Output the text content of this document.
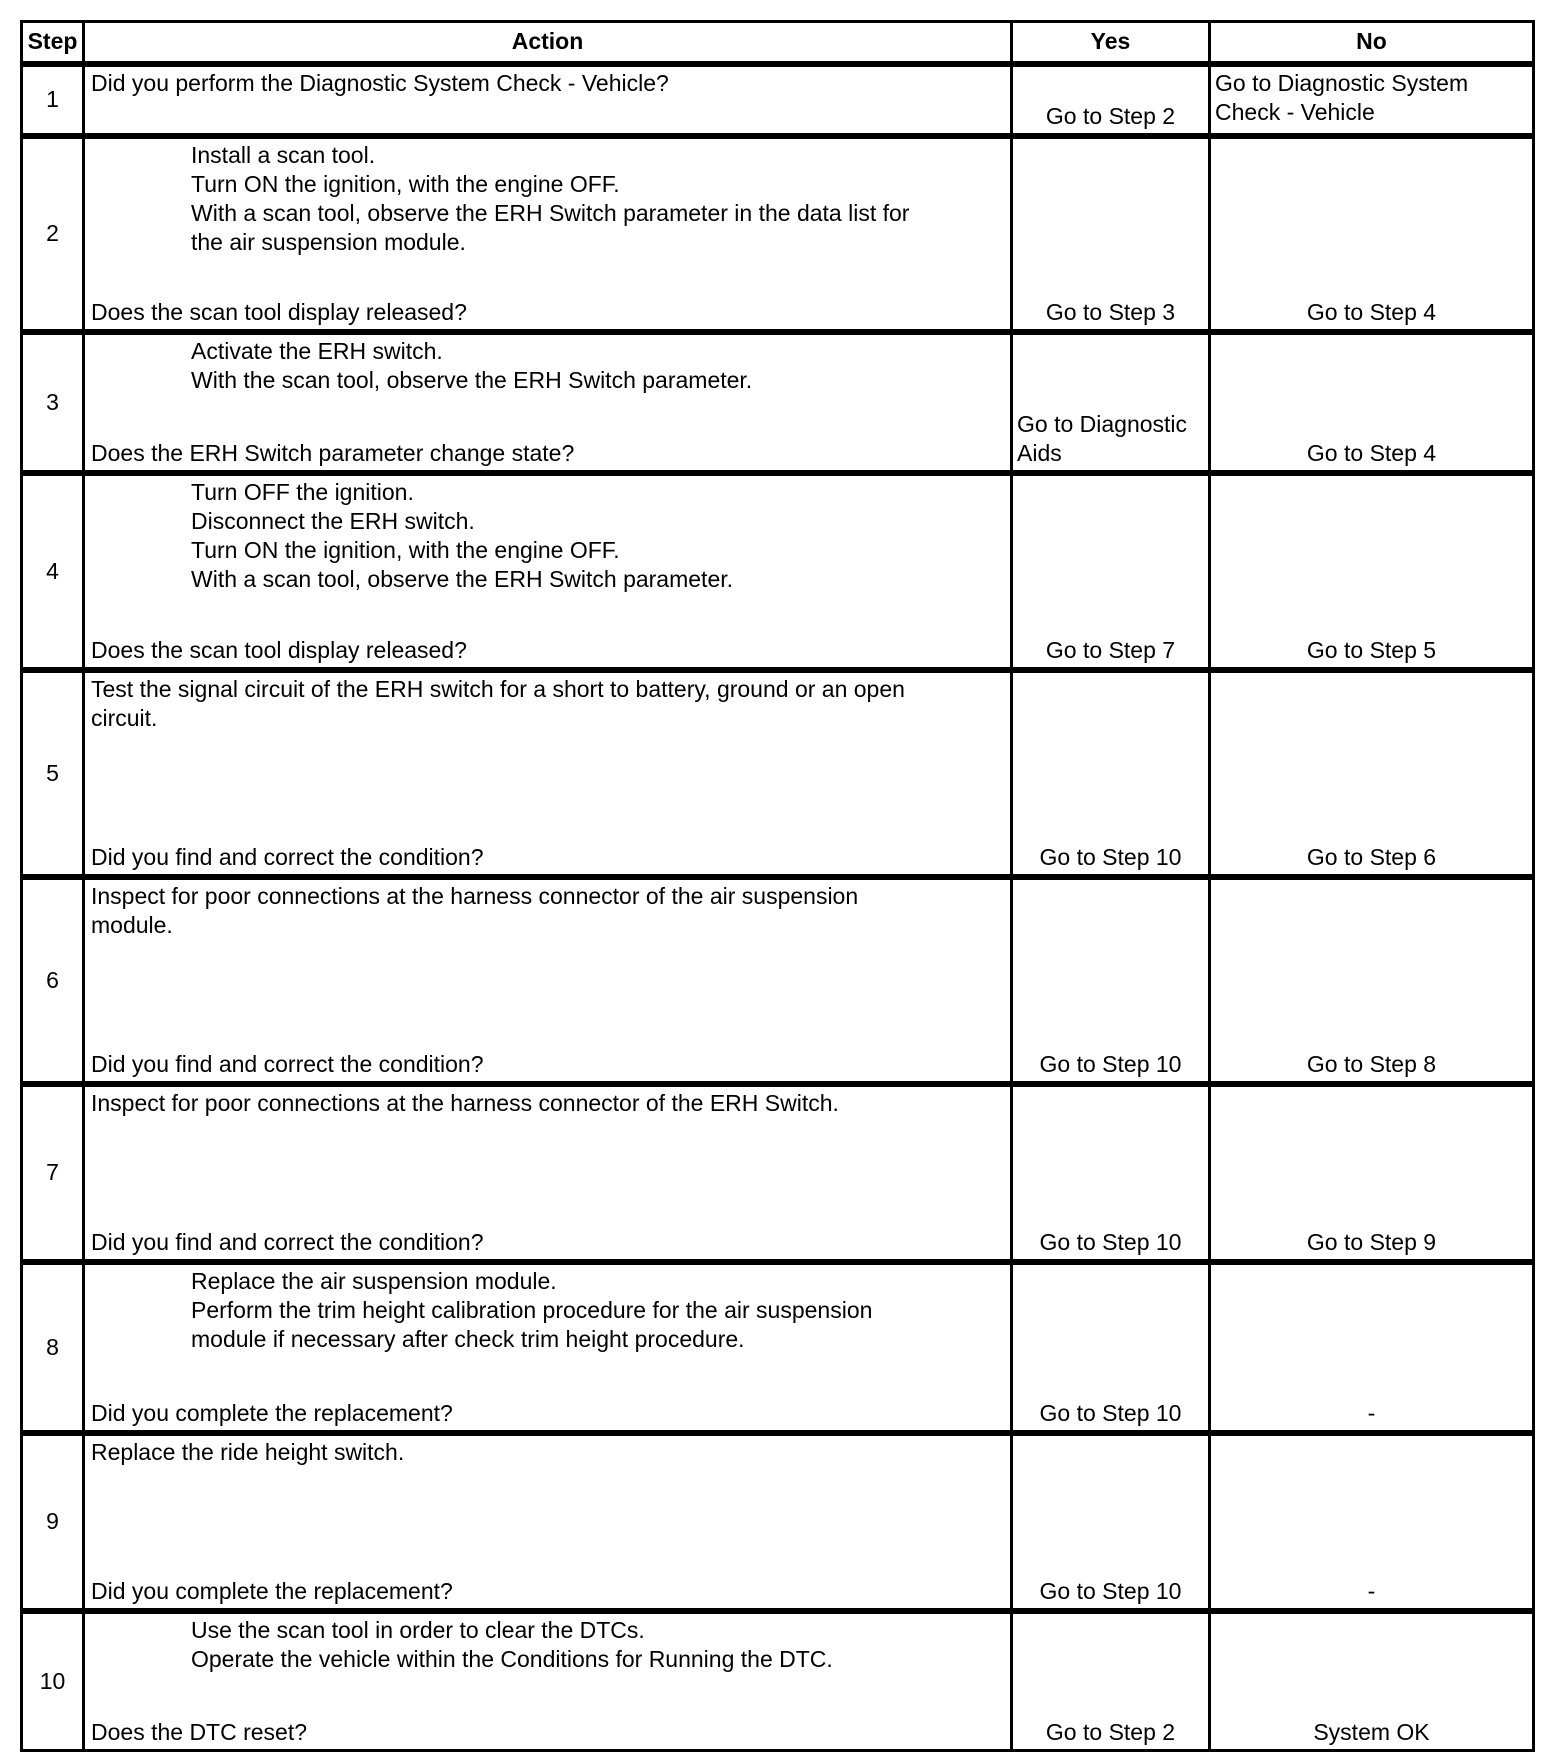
Step	Action	Yes	No
1	Did you perform the Diagnostic System Check - Vehicle?	Go to Step 2	Go to Diagnostic System Check - Vehicle
2	Install a scan tool.
Turn ON the ignition, with the engine OFF.
With a scan tool, observe the ERH Switch parameter in the data list for
the air suspension module.
Does the scan tool display released?	Go to Step 3	Go to Step 4
3	Activate the ERH switch.
With the scan tool, observe the ERH Switch parameter.
Does the ERH Switch parameter change state?	Go to Diagnostic Aids	Go to Step 4
4	Turn OFF the ignition.
Disconnect the ERH switch.
Turn ON the ignition, with the engine OFF.
With a scan tool, observe the ERH Switch parameter.
Does the scan tool display released?	Go to Step 7	Go to Step 5
5	Test the signal circuit of the ERH switch for a short to battery, ground or an open
circuit.
Did you find and correct the condition?	Go to Step 10	Go to Step 6
6	Inspect for poor connections at the harness connector of the air suspension
module.
Did you find and correct the condition?	Go to Step 10	Go to Step 8
7	Inspect for poor connections at the harness connector of the ERH Switch.
Did you find and correct the condition?	Go to Step 10	Go to Step 9
8	Replace the air suspension module.
Perform the trim height calibration procedure for the air suspension
module if necessary after check trim height procedure.
Did you complete the replacement?	Go to Step 10	-
9	Replace the ride height switch.
Did you complete the replacement?	Go to Step 10	-
10	Use the scan tool in order to clear the DTCs.
Operate the vehicle within the Conditions for Running the DTC.
Does the DTC reset?	Go to Step 2	System OK
